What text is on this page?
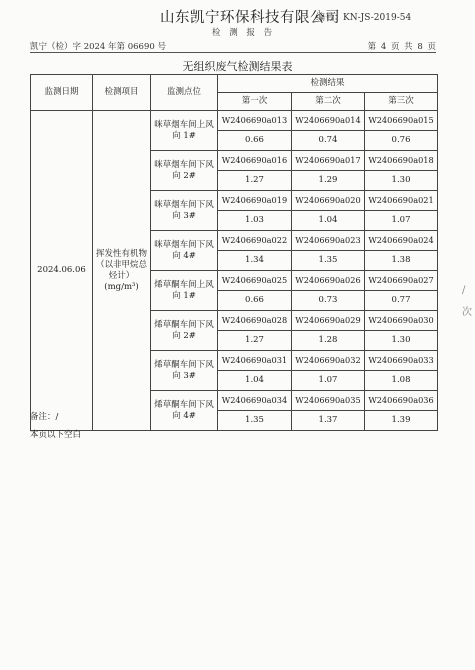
山东凯宁环保科技有限公司
编号：KN-JS-2019-54
检 测 报 告
凯宁（检）字 2024 年第 06690 号	第 4 页 共 8 页
无组织废气检测结果表
监测日期	检测项目	监测点位	检测结果		
			第一次	第二次	第三次
2024.06.06	挥发性有机物（以非甲烷总烃计）(mg/m³)	咪草烟车间上风向 1#	W2406690a013	W2406690a014	W2406690a015
			0.66	0.74	0.76
		咪草烟车间下风向 2#	W2406690a016	W2406690a017	W2406690a018
			1.27	1.29	1.30
		咪草烟车间下风向 3#	W2406690a019	W2406690a020	W2406690a021
			1.03	1.04	1.07
		咪草烟车间下风向 4#	W2406690a022	W2406690a023	W2406690a024
			1.34	1.35	1.38
		烯草酮车间上风向 1#	W2406690a025	W2406690a026	W2406690a027
			0.66	0.73	0.77
		烯草酮车间下风向 2#	W2406690a028	W2406690a029	W2406690a030
			1.27	1.28	1.30
		烯草酮车间下风向 3#	W2406690a031	W2406690a032	W2406690a033
			1.04	1.07	1.08
		烯草酮车间下风向 4#	W2406690a034	W2406690a035	W2406690a036
			1.35	1.37	1.39
备注：/
本页以下空白
/
次
